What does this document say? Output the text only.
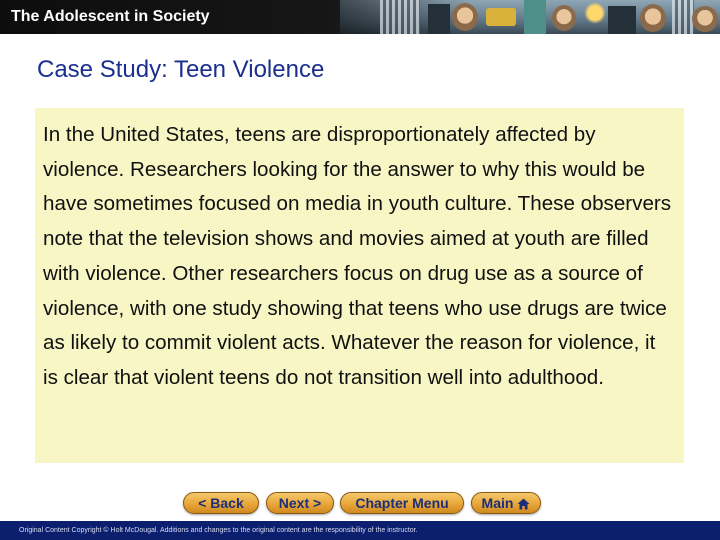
The Adolescent in Society
Case Study: Teen Violence

In the United States, teens are disproportionately affected by violence. Researchers looking for the answer to why this would be have sometimes focused on media in youth culture. These observers note that the television shows and movies aimed at youth are filled with violence. Other researchers focus on drug use as a source of violence, with one study showing that teens who use drugs are twice as likely to commit violent acts. Whatever the reason for violence, it is clear that violent teens do not transition well into adulthood.

< Back	Next > Chapter Menu Main
Original Content Copyright © Holt McDougal. Additions and changes to the original content are the responsibility of the instructor.
